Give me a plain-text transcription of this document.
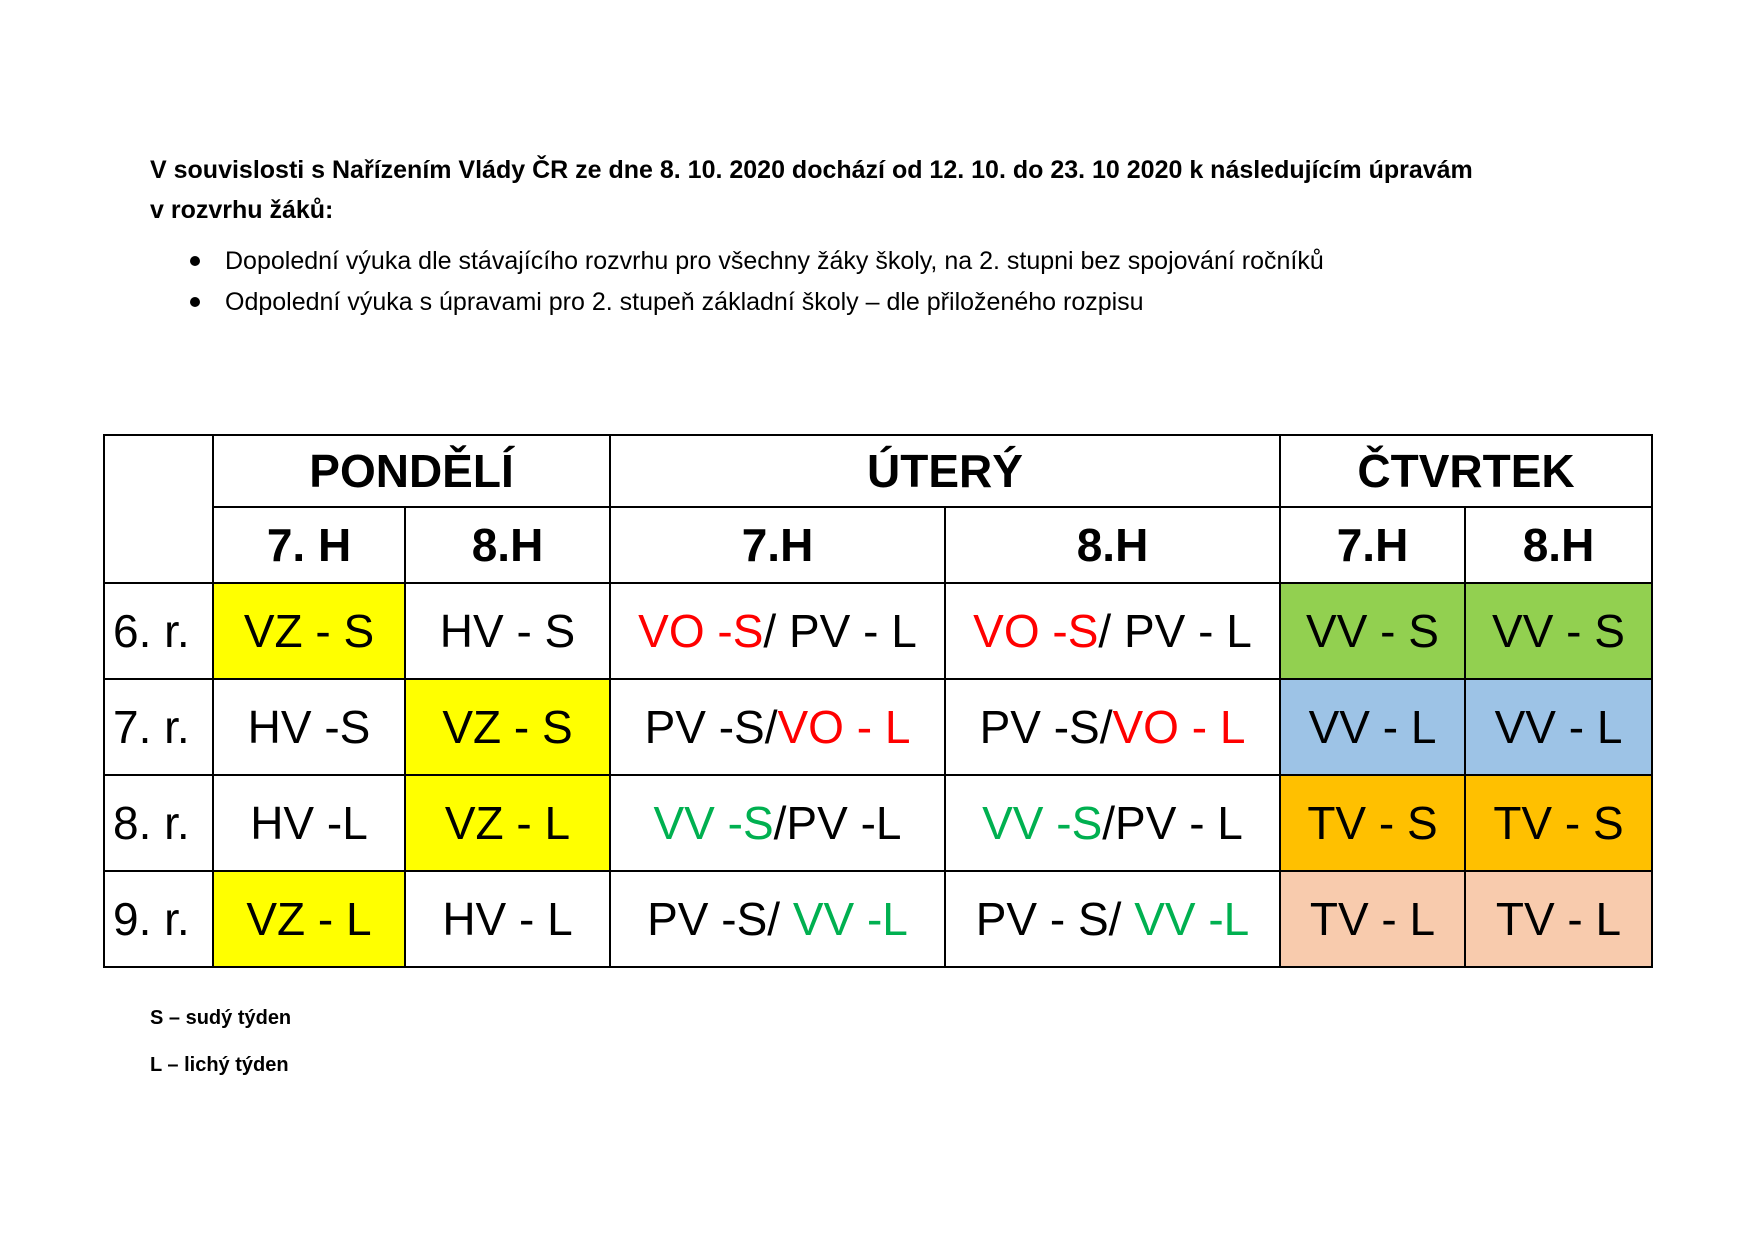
V souvislosti s Nařízením Vlády ČR ze dne 8. 10. 2020 dochází od 12. 10. do 23. 10 2020 k následujícím úpravám
v rozvrhu žáků:
Dopolední výuka dle stávajícího rozvrhu pro všechny žáky školy, na 2. stupni bez spojování ročníků
Odpolední výuka s úpravami pro 2. stupeň základní školy – dle přiloženého rozpisu
	PONDĚLÍ		ÚTERÝ		ČTVRTEK	
	7. H	8.H	7.H	8.H	7.H	8.H
6. r.	VZ - S	HV - S	VO -S/ PV - L	VO -S/ PV - L	VV - S	VV - S
7. r.	HV -S	VZ - S	PV -S/VO - L	PV -S/VO - L	VV - L	VV - L
8. r.	HV -L	VZ - L	VV -S/PV -L	VV -S/PV - L	TV - S	TV - S
9. r.	VZ - L	HV - L	PV -S/ VV -L	PV - S/ VV -L	TV - L	TV - L
S – sudý týden
L – lichý týden
